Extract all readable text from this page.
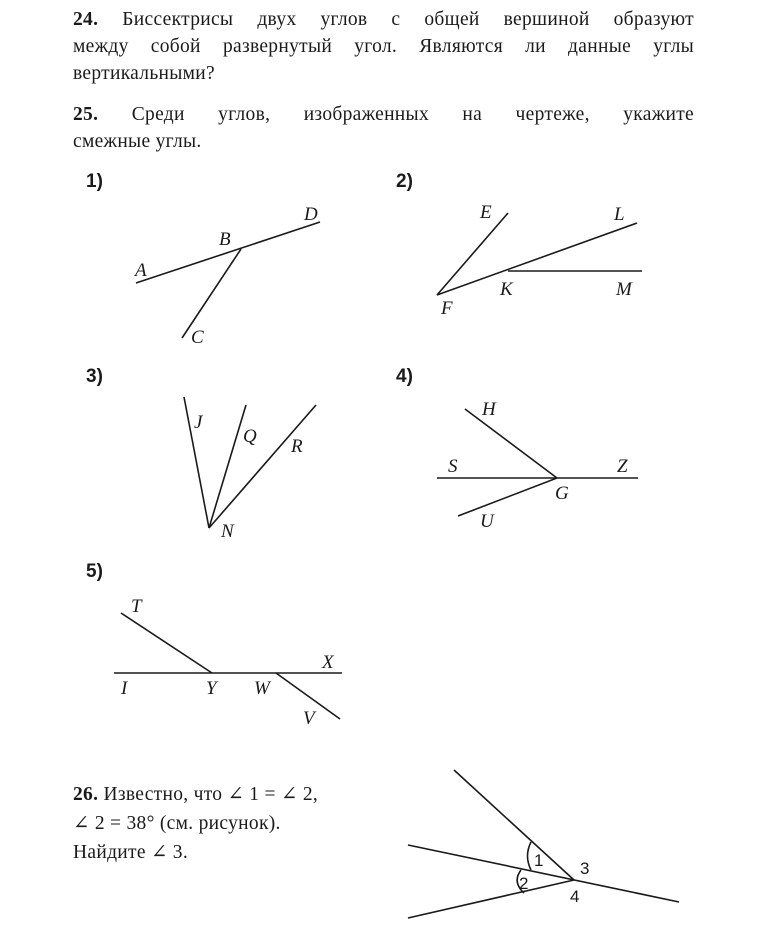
24. Биссектрисы двух углов с общей вершиной образуют
между собой развернутый угол. Являются ли данные углы
вертикальными?
25. Среди углов, изображенных на чертеже, укажите
смежные углы.
1)	2)
3)	4)
5)
26. Известно, что ∠ 1 = ∠ 2,
∠ 2 = 38° (см. рисунок).
Найдите ∠ 3.
A
B
C
D	E	L
F
K	M
J
Q R
N
H
S	Z
G
U
T
X
I	Y W
V
1
2
3
4
